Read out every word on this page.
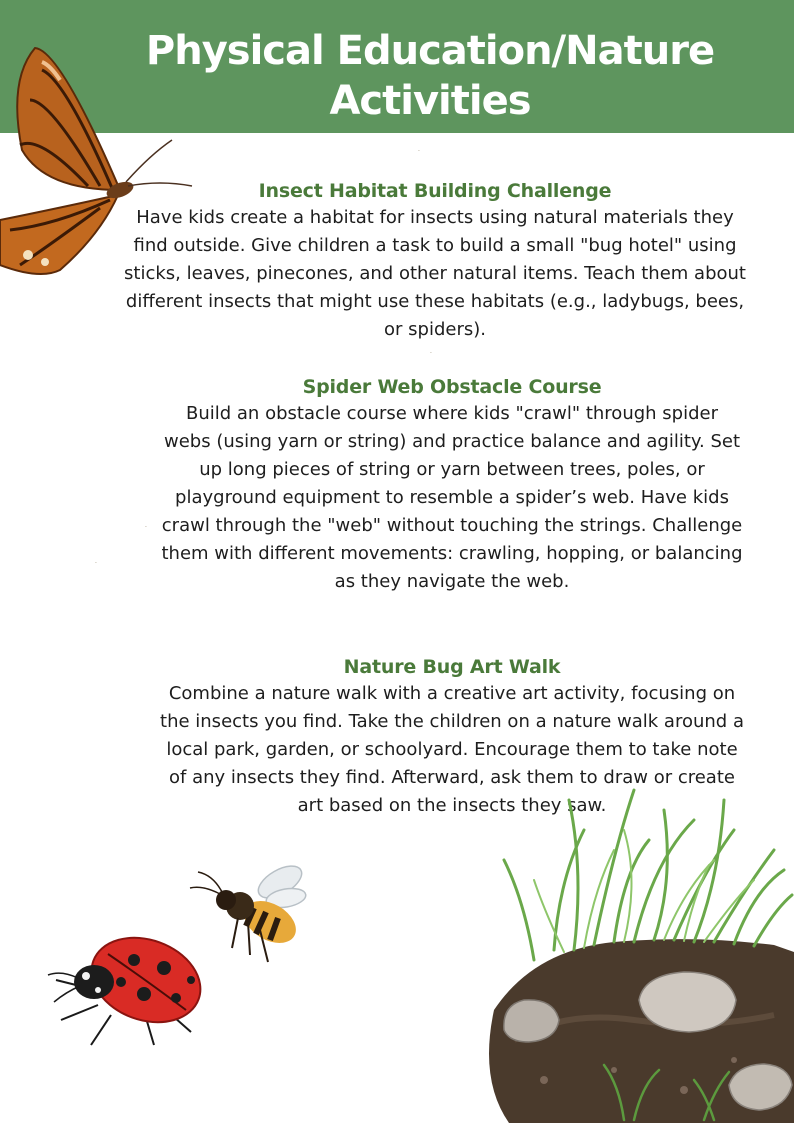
Physical Education/Nature Activities
·
·
·
·
Insect Habitat Building Challenge

Have kids create a habitat for insects using natural materials they find outside. Give children a task to build a small "bug hotel" using sticks, leaves, pinecones, and other natural items. Teach them about different insects that might use these habitats (e.g., ladybugs, bees, or spiders).

Spider Web Obstacle Course

Build an obstacle course where kids "crawl" through spider webs (using yarn or string) and practice balance and agility. Set up long pieces of string or yarn between trees, poles, or playground equipment to resemble a spider’s web. Have kids crawl through the "web" without touching the strings. Challenge them with different movements: crawling, hopping, or balancing as they navigate the web.

Nature Bug Art Walk

Combine a nature walk with a creative art activity, focusing on the insects you find. Take the children on a nature walk around a local park, garden, or schoolyard. Encourage them to take note of any insects they find. Afterward, ask them to draw or create art based on the insects they saw.
